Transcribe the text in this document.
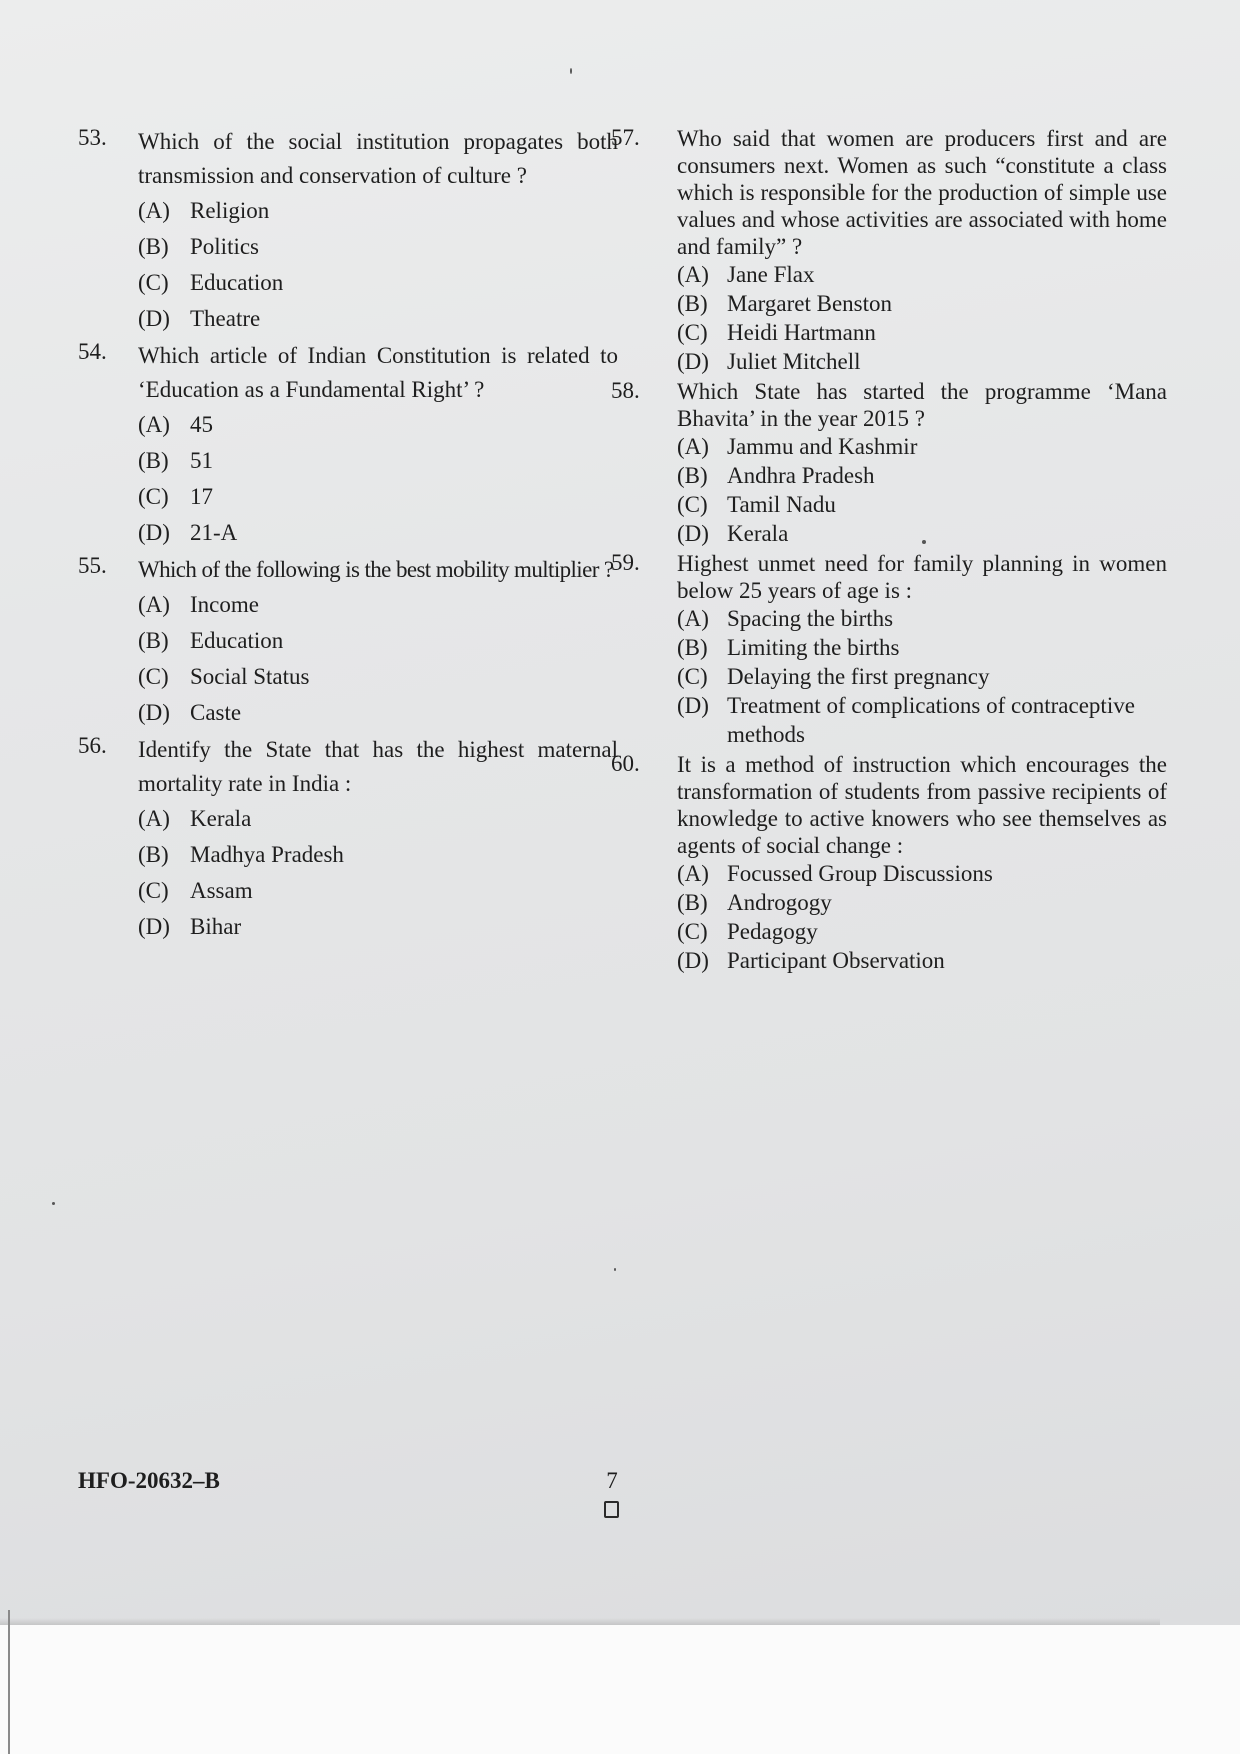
53. Which of the social institution propagates both transmission and conservation of culture ?
(A) Religion
(B) Politics
(C) Education
(D) Theatre
54. Which article of Indian Constitution is related to ‘Education as a Fundamental Right’ ?
(A) 45
(B) 51
(C) 17
(D) 21-A
55. Which of the following is the best mobility multiplier ?
(A) Income
(B) Education
(C) Social Status
(D) Caste
56. Identify the State that has the highest maternal mortality rate in India :
(A) Kerala
(B) Madhya Pradesh
(C) Assam
(D) Bihar
57. Who said that women are producers first and are consumers next. Women as such “constitute a class which is responsible for the production of simple use values and whose activities are associated with home and family” ?
(A) Jane Flax
(B) Margaret Benston
(C) Heidi Hartmann
(D) Juliet Mitchell
58. Which State has started the programme ‘Mana Bhavita’ in the year 2015 ?
(A) Jammu and Kashmir
(B) Andhra Pradesh
(C) Tamil Nadu
(D) Kerala
59. Highest unmet need for family planning in women below 25 years of age is :
(A) Spacing the births
(B) Limiting the births
(C) Delaying the first pregnancy
(D) Treatment of complications of contraceptive methods
60. It is a method of instruction which encourages the transformation of students from passive recipients of knowledge to active knowers who see themselves as agents of social change :
(A) Focussed Group Discussions
(B) Androgogy
(C) Pedagogy
(D) Participant Observation
HFO-20632–B	7
